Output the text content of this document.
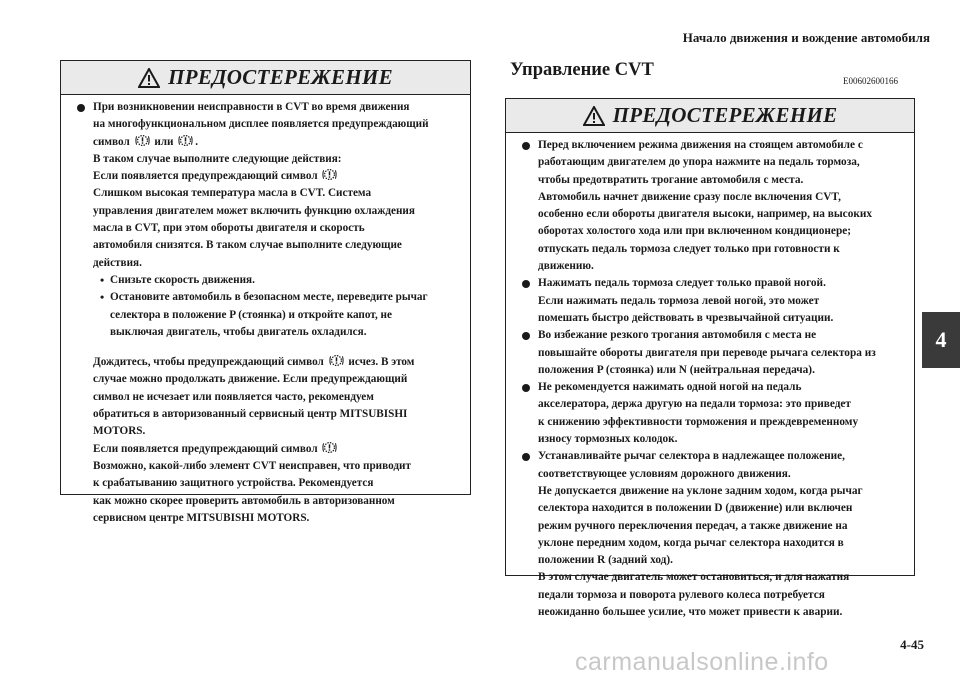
Начало движения и вождение автомобиля
4
ПРЕДОСТЕРЕЖЕНИЕ
При возникновении неисправности в CVT во время движения
на многофункциональном дисплее появляется предупреждающий
символ или .
В таком случае выполните следующие действия:
Если появляется предупреждающий символ
Слишком высокая температура масла в CVT. Система
управления двигателем может включить функцию охлаждения
масла в CVT, при этом обороты двигателя и скорость
автомобиля снизятся. В таком случае выполните следующие
действия.
• Снизьте скорость движения.
• Остановите автомобиль в безопасном месте, переведите рычаг
селектора в положение P (стоянка) и откройте капот, не
выключая двигатель, чтобы двигатель охладился.
Дождитесь, чтобы предупреждающий символ исчез. В этом
случае можно продолжать движение. Если предупреждающий
символ не исчезает или появляется часто, рекомендуем
обратиться в авторизованный сервисный центр MITSUBISHI
MOTORS.
Если появляется предупреждающий символ
Возможно, какой-либо элемент CVT неисправен, что приводит
к срабатыванию защитного устройства. Рекомендуется
как можно скорее проверить автомобиль в авторизованном
сервисном центре MITSUBISHI MOTORS.
Управление CVT
E00602600166
ПРЕДОСТЕРЕЖЕНИЕ
Перед включением режима движения на стоящем автомобиле с
работающим двигателем до упора нажмите на педаль тормоза,
чтобы предотвратить трогание автомобиля с места.
Автомобиль начнет движение сразу после включения CVT,
особенно если обороты двигателя высоки, например, на высоких
оборотах холостого хода или при включенном кондиционере;
отпускать педаль тормоза следует только при готовности к
движению.
Нажимать педаль тормоза следует только правой ногой.
Если нажимать педаль тормоза левой ногой, это может
помешать быстро действовать в чрезвычайной ситуации.
Во избежание резкого трогания автомобиля с места не
повышайте обороты двигателя при переводе рычага селектора из
положения P (стоянка) или N (нейтральная передача).
Не рекомендуется нажимать одной ногой на педаль
акселератора, держа другую на педали тормоза: это приведет
к снижению эффективности торможения и преждевременному
износу тормозных колодок.
Устанавливайте рычаг селектора в надлежащее положение,
соответствующее условиям дорожного движения.
Не допускается движение на уклоне задним ходом, когда рычаг
селектора находится в положении D (движение) или включен
режим ручного переключения передач, а также движение на
уклоне передним ходом, когда рычаг селектора находится в
положении R (задний ход).
В этом случае двигатель может остановиться, и для нажатия
педали тормоза и поворота рулевого колеса потребуется
неожиданно большее усилие, что может привести к аварии.
4-45
carmanualsonline.info
